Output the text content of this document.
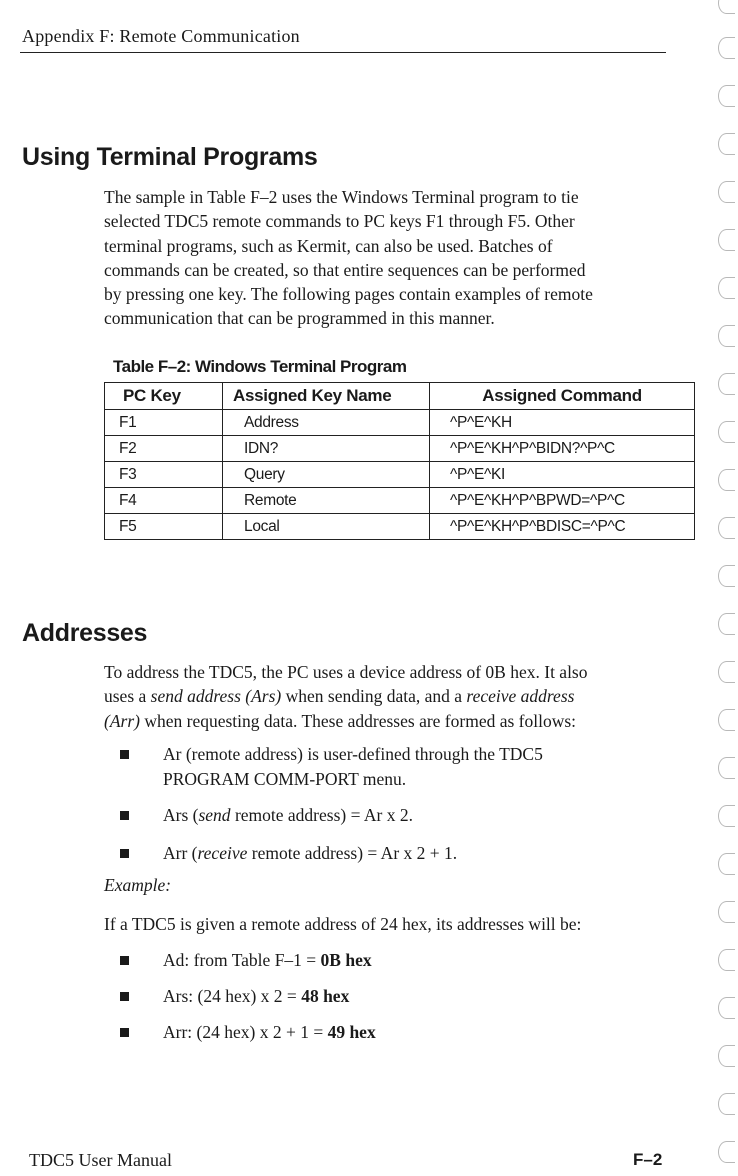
Appendix F: Remote Communication
Using Terminal Programs
The sample in Table F–2 uses the Windows Terminal program to tie
selected TDC5 remote commands to PC keys F1 through F5. Other
terminal programs, such as Kermit, can also be used. Batches of
commands can be created, so that entire sequences can be performed
by pressing one key. The following pages contain examples of remote
communication that can be programmed in this manner.
Table F–2: Windows Terminal Program
PC Key	Assigned Key Name	Assigned Command
F1	Address	^P^E^KH
F2	IDN?	^P^E^KH^P^BIDN?^P^C
F3	Query	^P^E^KI
F4	Remote	^P^E^KH^P^BPWD=^P^C
F5	Local	^P^E^KH^P^BDISC=^P^C
Addresses
To address the TDC5, the PC uses a device address of 0B hex. It also
uses a send address (Ars) when sending data, and a receive address
(Arr) when requesting data. These addresses are formed as follows:
Ar (remote address) is user-defined through the TDC5
PROGRAM COMM-PORT menu.
Ars (send remote address) = Ar x 2.
Arr (receive remote address) = Ar x 2 + 1.
Example:
If a TDC5 is given a remote address of 24 hex, its addresses will be:
Ad: from Table F–1 = 0B hex
Ars: (24 hex) x 2 = 48 hex
Arr: (24 hex) x 2 + 1 = 49 hex
TDC5 User Manual	F–2
